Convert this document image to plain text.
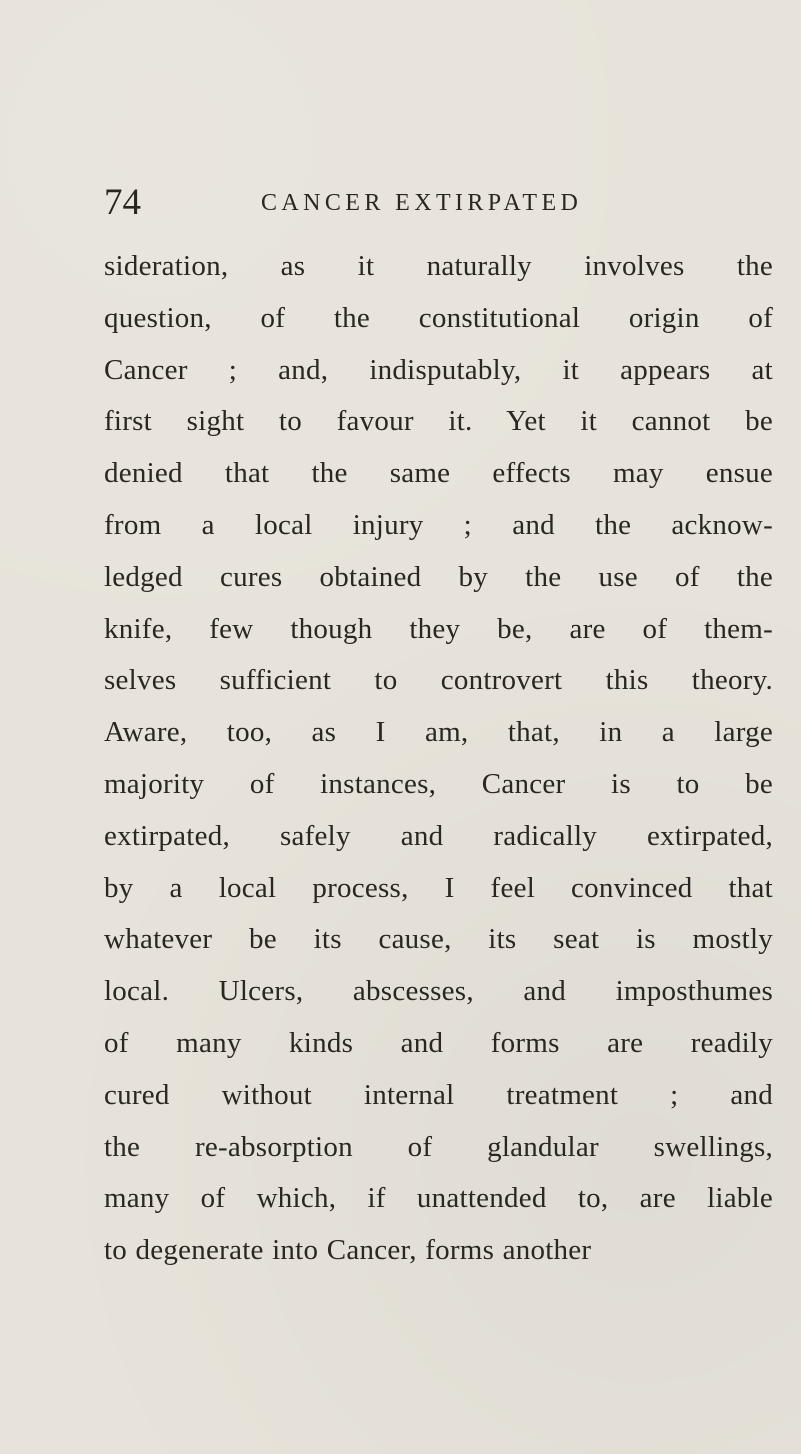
74	CANCER EXTIRPATED
sideration, as it naturally involves the
question, of the constitutional origin of
Cancer ; and, indisputably, it appears at
first sight to favour it. Yet it cannot be
denied that the same effects may ensue
from a local injury ; and the acknow-
ledged cures obtained by the use of the
knife, few though they be, are of them-
selves sufficient to controvert this theory.
Aware, too, as I am, that, in a large
majority of instances, Cancer is to be
extirpated, safely and radically extirpated,
by a local process, I feel convinced that
whatever be its cause, its seat is mostly
local. Ulcers, abscesses, and imposthumes
of many kinds and forms are readily
cured without internal treatment ; and
the re-absorption of glandular swellings,
many of which, if unattended to, are liable
to degenerate into Cancer, forms another
